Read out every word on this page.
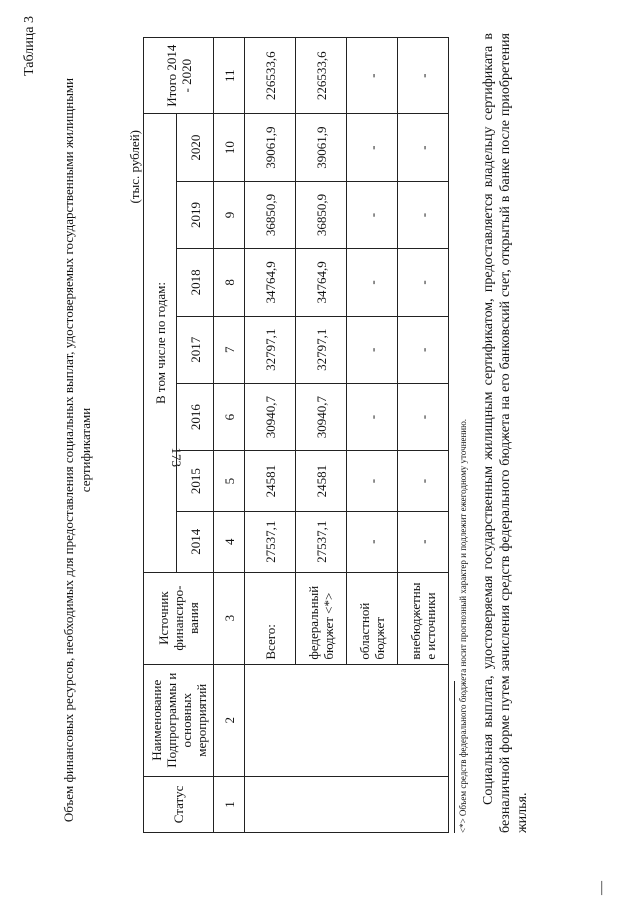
173
Таблица 3
Объем финансовых ресурсов, необходимых для предоставления социальных выплат, удостоверяемых государственными жилищными сертификатами
(тыс. рублей)
Статус	Наименование Подпрограммы и основных мероприятий	Источник финансиро-вания	В том числе по годам:							Итого 2014 - 2020
			2014	2015	2016	2017	2018	2019	2020	
1	2	3	4	5	6	7	8	9	10	11
		Всего:	27537,1	24581	30940,7	32797,1	34764,9	36850,9	39061,9	226533,6
		федеральный бюджет <*>	27537,1	24581	30940,7	32797,1	34764,9	36850,9	39061,9	226533,6
		областной бюджет	-	-	-	-	-	-	-	-
		внебюджетны е источники	-	-	-	-	-	-	-	-
<*> Объем средств федерального бюджета носит прогнозный характер и подлежит ежегодному уточнению. Социальная выплата, удостоверяемая государственным жилищным сертификатом, предоставляется владельцу сертификата в безналичной форме путем зачисления средств федерального бюджета на его банковский счет, открытый в банке после приобретения жилья.
—
